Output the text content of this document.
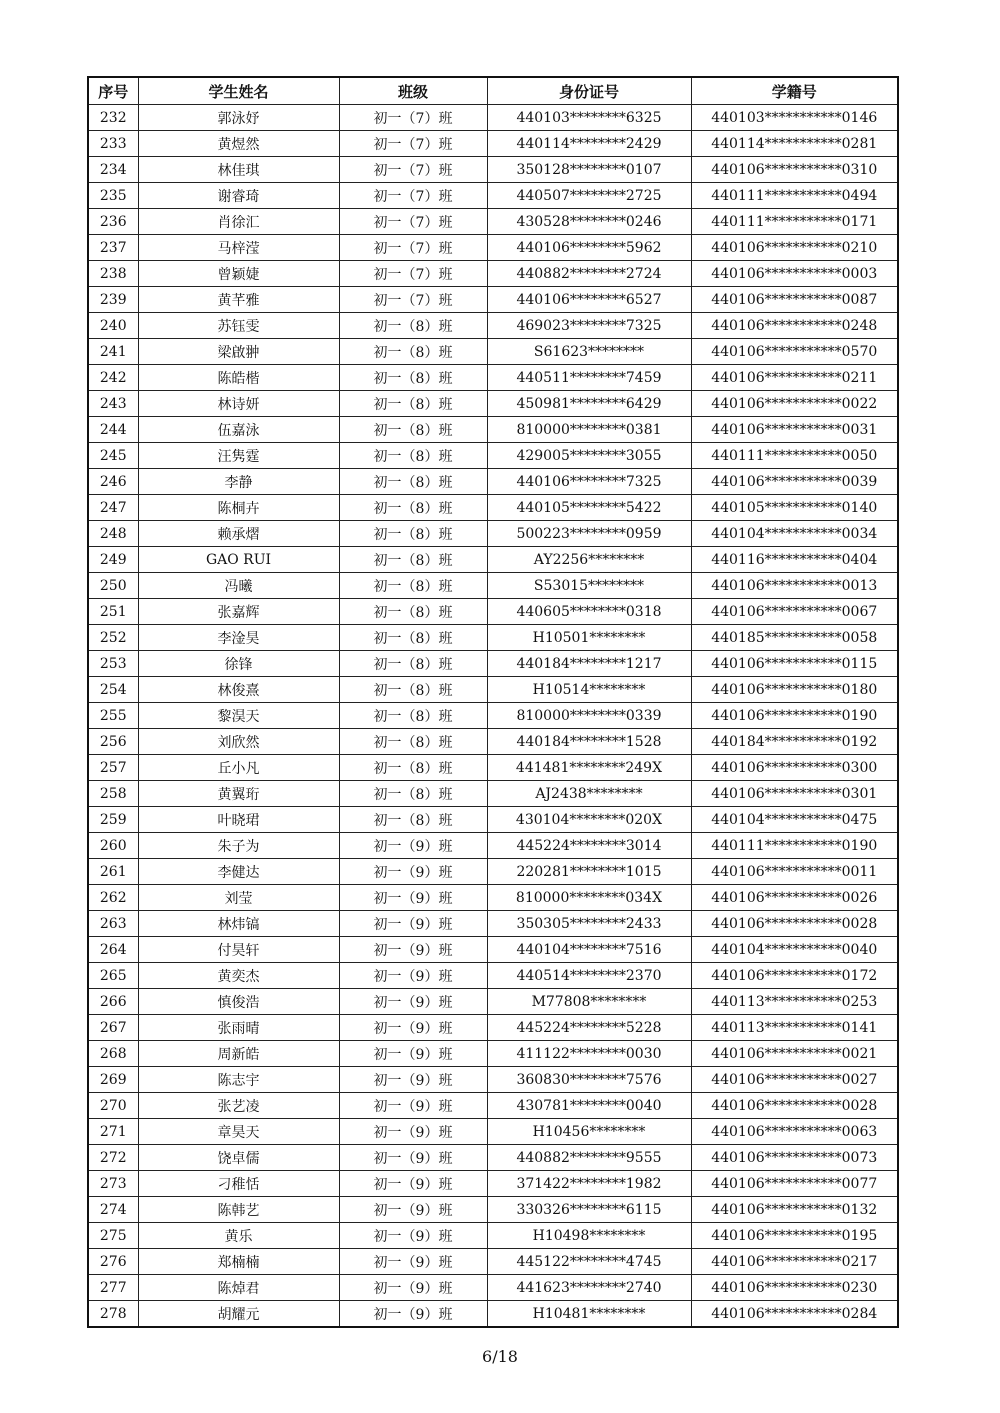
序号	学生姓名	班级	身份证号	学籍号
232	郭泳妤	初一（7）班	440103********6325	440103***********0146
233	黄煜然	初一（7）班	440114********2429	440114***********0281
234	林佳琪	初一（7）班	350128********0107	440106***********0310
235	谢睿琦	初一（7）班	440507********2725	440111***********0494
236	肖徐汇	初一（7）班	430528********0246	440111***********0171
237	马梓滢	初一（7）班	440106********5962	440106***********0210
238	曾颖婕	初一（7）班	440882********2724	440106***********0003
239	黄芊雅	初一（7）班	440106********6527	440106***********0087
240	苏钰雯	初一（8）班	469023********7325	440106***********0248
241	梁啟翀	初一（8）班	S61623********	440106***********0570
242	陈皓楷	初一（8）班	440511********7459	440106***********0211
243	林诗妍	初一（8）班	450981********6429	440106***********0022
244	伍嘉泳	初一（8）班	810000********0381	440106***********0031
245	汪隽霆	初一（8）班	429005********3055	440111***********0050
246	李静	初一（8）班	440106********7325	440106***********0039
247	陈桐卉	初一（8）班	440105********5422	440105***********0140
248	赖承熠	初一（8）班	500223********0959	440104***********0034
249	GAO RUI	初一（8）班	AY2256********	440116***********0404
250	冯曦	初一（8）班	S53015********	440106***********0013
251	张嘉辉	初一（8）班	440605********0318	440106***********0067
252	李淦昊	初一（8）班	H10501********	440185***********0058
253	徐锋	初一（8）班	440184********1217	440106***********0115
254	林俊熹	初一（8）班	H10514********	440106***********0180
255	黎淏天	初一（8）班	810000********0339	440106***********0190
256	刘欣然	初一（8）班	440184********1528	440184***********0192
257	丘小凡	初一（8）班	441481********249X	440106***********0300
258	黄翼珩	初一（8）班	AJ2438********	440106***********0301
259	叶晓珺	初一（8）班	430104********020X	440104***********0475
260	朱子为	初一（9）班	445224********3014	440111***********0190
261	李健达	初一（9）班	220281********1015	440106***********0011
262	刘莹	初一（9）班	810000********034X	440106***********0026
263	林炜镐	初一（9）班	350305********2433	440106***********0028
264	付昊轩	初一（9）班	440104********7516	440104***********0040
265	黄奕杰	初一（9）班	440514********2370	440106***********0172
266	慎俊浩	初一（9）班	M77808********	440113***********0253
267	张雨晴	初一（9）班	445224********5228	440113***********0141
268	周新皓	初一（9）班	411122********0030	440106***********0021
269	陈志宇	初一（9）班	360830********7576	440106***********0027
270	张艺凌	初一（9）班	430781********0040	440106***********0028
271	章昊天	初一（9）班	H10456********	440106***********0063
272	饶卓儒	初一（9）班	440882********9555	440106***********0073
273	刁稚恬	初一（9）班	371422********1982	440106***********0077
274	陈韩艺	初一（9）班	330326********6115	440106***********0132
275	黄乐	初一（9）班	H10498********	440106***********0195
276	郑楠楠	初一（9）班	445122********4745	440106***********0217
277	陈焯君	初一（9）班	441623********2740	440106***********0230
278	胡耀元	初一（9）班	H10481********	440106***********0284
6/18
